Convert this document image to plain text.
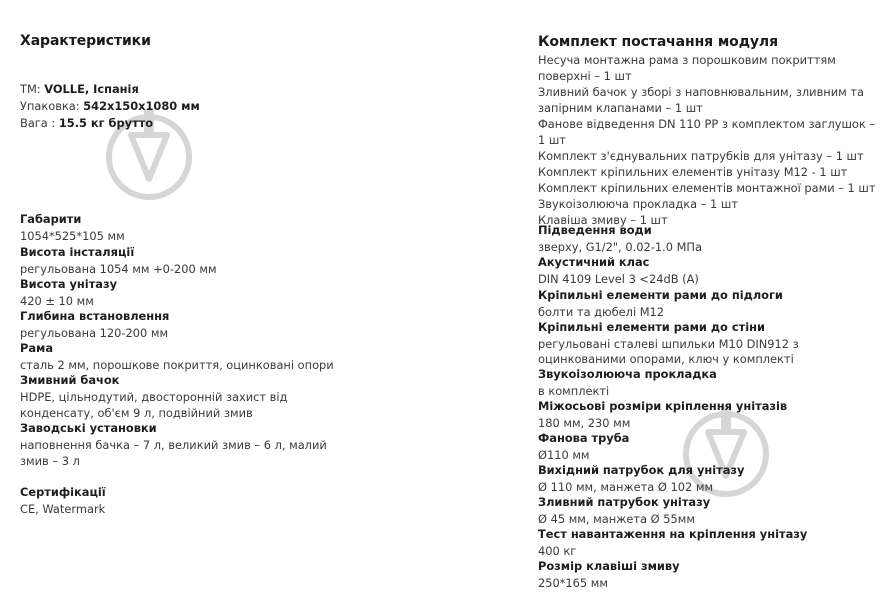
Характеристики
ТМ: VOLLE, Іспанія
Упаковка: 542x150x1080 мм
Вага : 15.5 кг брутто
Габарити
1054*525*105 мм
Висота інсталяції
регульована 1054 мм +0-200 мм
Висота унітазу
420 ± 10 мм
Глибина встановлення
регульована 120-200 мм
Рама
сталь 2 мм, порошкове покриття, оцинковані опори
Змивний бачок
HDPE, цільнодутий, двосторонній захист від
конденсату, об'єм 9 л, подвійний змив
Заводські установки
наповнення бачка – 7 л, великий змив – 6 л, малий
змив – 3 л
Сертифікації
CE, Watermark
Комплект постачання модуля
Несуча монтажна рама з порошковим покриттям
поверхні – 1 шт
Зливний бачок у зборі з наповнювальним, зливним та
запірним клапанами – 1 шт
Фанове відведення DN 110 PP з комплектом заглушок –
1 шт
Комплект з'єднувальних патрубків для унітазу – 1 шт
Комплект кріпильних елементів унітазу M12 - 1 шт
Комплект кріпильних елементів монтажної рами – 1 шт
Звукоізолююча прокладка – 1 шт
Клавіша змиву – 1 шт
Підведення води
зверху, G1/2", 0.02-1.0 МПа
Акустичний клас
DIN 4109 Level 3 <24dB (A)
Кріпильні елементи рами до підлоги
болти та дюбелі M12
Кріпильні елементи рами до стіни
регульовані сталеві шпильки M10 DIN912 з
оцинкованими опорами, ключ у комплекті
Звукоізолююча прокладка
в комплекті
Міжосьові розміри кріплення унітазів
180 мм, 230 мм
Фанова труба
Ø110 мм
Вихідний патрубок для унітазу
Ø 110 мм, манжета Ø 102 мм
Зливний патрубок унітазу
Ø 45 мм, манжета Ø 55мм
Тест навантаження на кріплення унітазу
400 кг
Розмір клавіші змиву
250*165 мм
